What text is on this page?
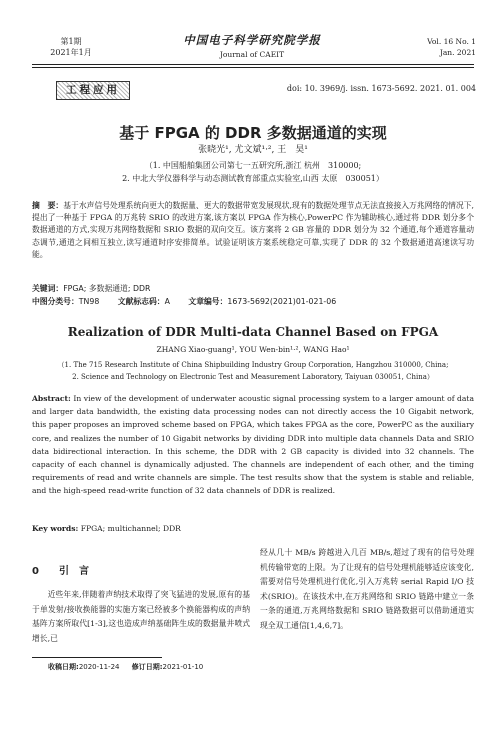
第1期
2021年1月
中国电子科学研究院学报
Journal of CAEIT
Vol. 16 No. 1
Jan. 2021
工程应用	doi: 10. 3969/j. issn. 1673-5692. 2021. 01. 004
基于 FPGA 的 DDR 多数据通道的实现
张晓光¹, 尤文斌¹·², 王　昊¹
（1. 中国船舶集团公司第七一五研究所,浙江 杭州　310000;
2. 中北大学仪器科学与动态测试教育部重点实验室,山西 太原　030051）
摘　要：基于水声信号处理系统向更大的数据量、更大的数据带宽发展现状,现有的数据处理节点无法直接接入万兆网络的情况下,提出了一种基于 FPGA 的万兆转 SRIO 的改进方案,该方案以 FPGA 作为核心,PowerPC 作为辅助核心,通过将 DDR 划分多个数据通道的方式,实现万兆网络数据和 SRIO 数据的双向交互。该方案将 2 GB 容量的 DDR 划分为 32 个通道,每个通道容量动态调节,通道之间相互独立,读写通道时序安排简单。试验证明该方案系统稳定可靠,实现了 DDR 的 32 个数据通道高速读写功能。
关键词：FPGA; 多数据通道; DDR
中图分类号：TN98 文献标志码：A 文章编号：1673-5692(2021)01-021-06
Realization of DDR Multi-data Channel Based on FPGA
ZHANG Xiao-guang¹, YOU Wen-bin¹·², WANG Hao¹
（1. The 715 Research Institute of China Shipbuilding Industry Group Corporation, Hangzhou 310000, China;
2. Science and Technology on Electronic Test and Measurement Laboratory, Taiyuan 030051, China）
Abstract: In view of the development of underwater acoustic signal processing system to a larger amount of data and larger data bandwidth, the existing data processing nodes can not directly access the 10 Gigabit network, this paper proposes an improved scheme based on FPGA, which takes FPGA as the core, PowerPC as the auxiliary core, and realizes the number of 10 Gigabit networks by dividing DDR into multiple data channels Data and SRIO data bidirectional interaction. In this scheme, the DDR with 2 GB capacity is divided into 32 channels. The capacity of each channel is dynamically adjusted. The channels are independent of each other, and the timing requirements of read and write channels are simple. The test results show that the system is stable and reliable, and the high-speed read-write function of 32 data channels of DDR is realized.
Key words: FPGA; multichannel; DDR
0 引　言
近些年来,伴随着声纳技术取得了突飞猛进的发展,原有的基于单发射/接收换能器的实施方案已经被多个换能器构成的声纳基阵方案所取代[1-3],这也造成声纳基础阵生成的数据量井喷式增长,已
经从几十 MB/s 跨越进入几百 MB/s,超过了现有的信号处理机传输带宽的上限。为了让现有的信号处理机能够适应该变化,需要对信号处理机进行优化,引入万兆转 serial Rapid I/O 技术(SRIO)。在该技术中,在万兆网络和 SRIO 链路中建立一条一条的通道,万兆网络数据和 SRIO 链路数据可以借助通道实现全双工通信[1,4,6,7]。
收稿日期:2020-11-24 修订日期:2021-01-10
